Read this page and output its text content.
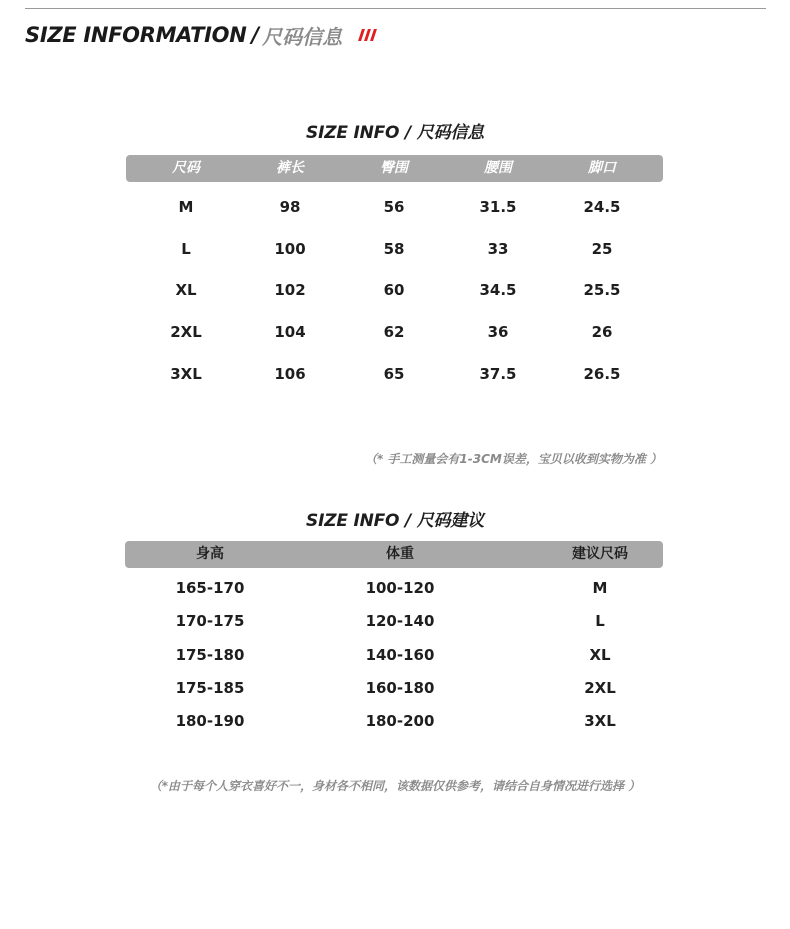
SIZE INFORMATION / 尺码信息
SIZE INFO / 尺码信息
尺码	裤长	臀围	腰围	脚口
M	98	56	31.5	24.5
L	100	58	33	25
XL	102	60	34.5	25.5
2XL	104	62	36	26
3XL	106	65	37.5	26.5
（* 手工测量会有1-3CM误差，宝贝以收到实物为准 ）
SIZE INFO / 尺码建议
身高	体重	建议尺码
165-170	100-120	M
170-175	120-140	L
175-180	140-160	XL
175-185	160-180	2XL
180-190	180-200	3XL
（*由于每个人穿衣喜好不一，身材各不相同，该数据仅供参考，请结合自身情况进行选择 ）
